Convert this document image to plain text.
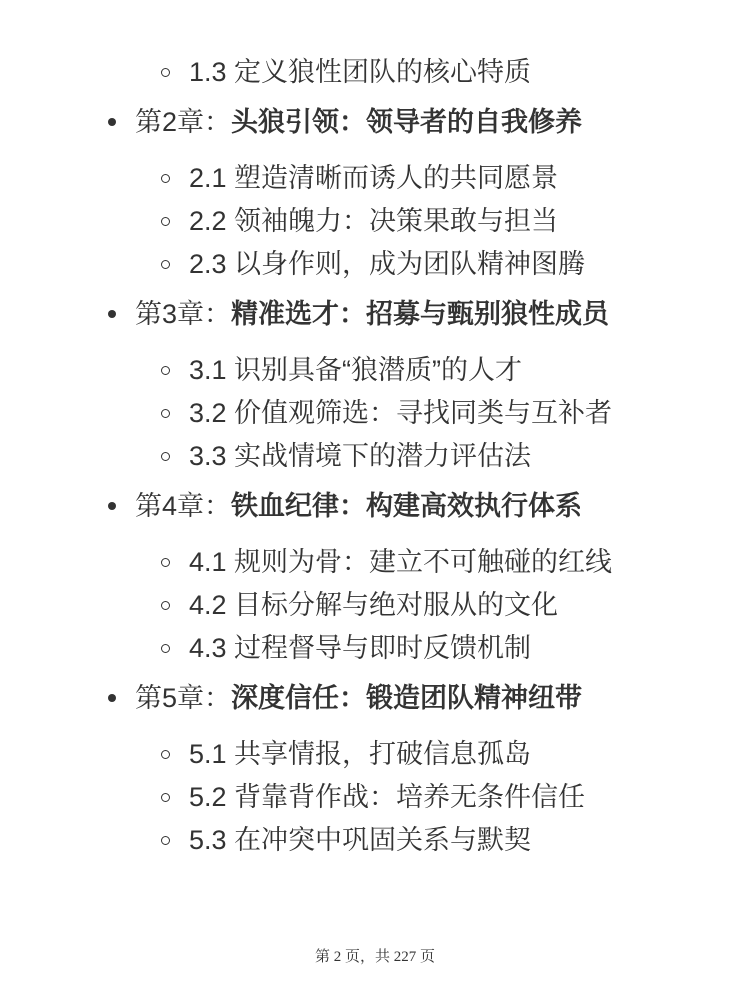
1.3 定义狼性团队的核心特质
第2章：头狼引领：领导者的自我修养
2.1 塑造清晰而诱人的共同愿景
2.2 领袖魄力：决策果敢与担当
2.3 以身作则，成为团队精神图腾
第3章：精准选才：招募与甄别狼性成员
3.1 识别具备“狼潜质”的人才
3.2 价值观筛选：寻找同类与互补者
3.3 实战情境下的潜力评估法
第4章：铁血纪律：构建高效执行体系
4.1 规则为骨：建立不可触碰的红线
4.2 目标分解与绝对服从的文化
4.3 过程督导与即时反馈机制
第5章：深度信任：锻造团队精神纽带
5.1 共享情报，打破信息孤岛
5.2 背靠背作战：培养无条件信任
5.3 在冲突中巩固关系与默契
第 2 页，共 227 页
